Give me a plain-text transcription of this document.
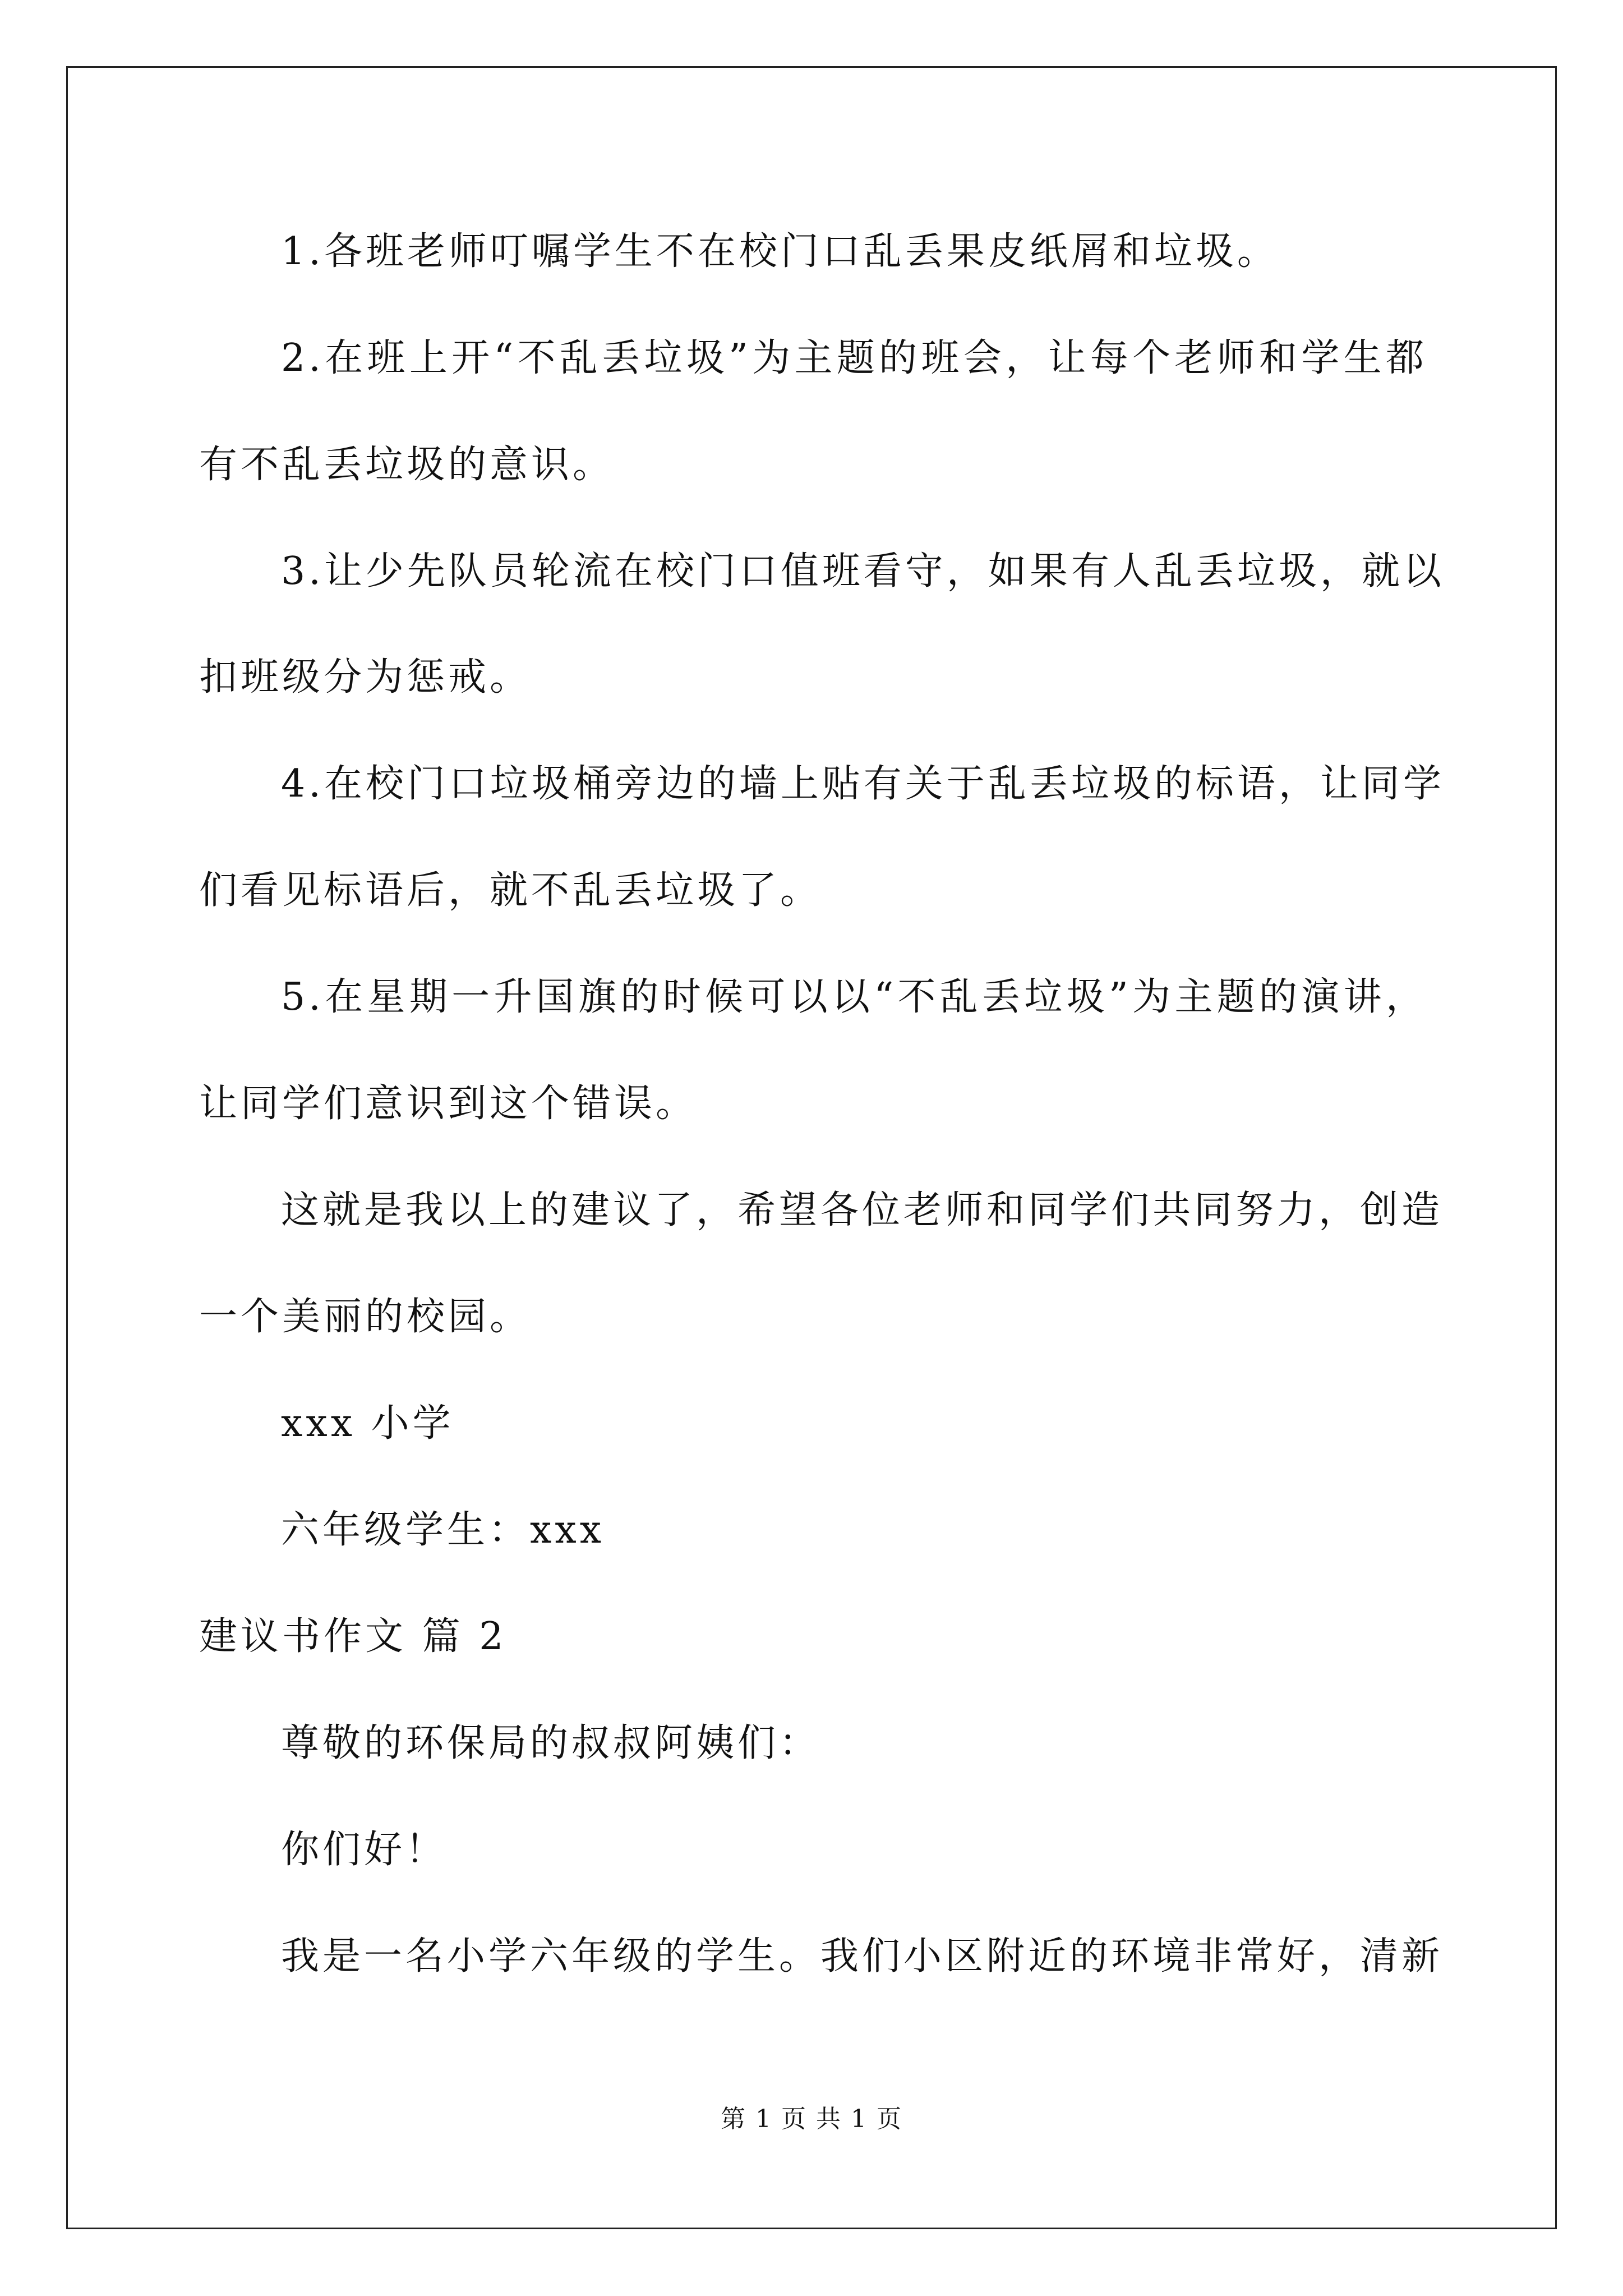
1.各班老师叮嘱学生不在校门口乱丢果皮纸屑和垃圾。
2.在班上开“不乱丢垃圾”为主题的班会，让每个老师和学生都
有不乱丢垃圾的意识。
3.让少先队员轮流在校门口值班看守，如果有人乱丢垃圾，就以
扣班级分为惩戒。
4.在校门口垃圾桶旁边的墙上贴有关于乱丢垃圾的标语，让同学
们看见标语后，就不乱丢垃圾了。
5.在星期一升国旗的时候可以以“不乱丢垃圾”为主题的演讲，
让同学们意识到这个错误。
这就是我以上的建议了，希望各位老师和同学们共同努力，创造
一个美丽的校园。
xxx 小学
六年级学生：xxx
建议书作文 篇 2
尊敬的环保局的叔叔阿姨们：
你们好！
我是一名小学六年级的学生。我们小区附近的环境非常好，清新
第 1 页 共 1 页
